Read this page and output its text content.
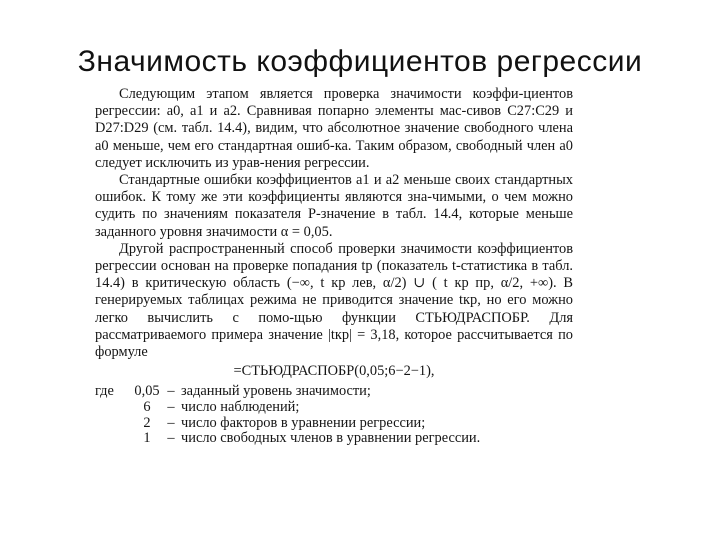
Значимость коэффициентов регрессии

Следующим этапом является проверка значимости коэффи-циентов регрессии: a0, a1 и a2. Сравнивая попарно элементы мас-сивов C27:C29 и D27:D29 (см. табл. 14.4), видим, что абсолютное значение свободного члена a0 меньше, чем его стандартная ошиб-ка. Таким образом, свободный член a0 следует исключить из урав-нения регрессии.

Стандартные ошибки коэффициентов a1 и a2 меньше своих стандартных ошибок. К тому же эти коэффициенты являются зна-чимыми, о чем можно судить по значениям показателя P-значение в табл. 14.4, которые меньше заданного уровня значимости α = 0,05.

Другой распространенный способ проверки значимости коэффициентов регрессии основан на проверке попадания tp (показатель t-статистика в табл. 14.4) в критическую область (−∞, t кр лев, α/2) ∪ ( t кр пр, α/2, +∞). В генерируемых таблицах режима не приводится значение tкр, но его можно легко вычислить с помо-щью функции СТЬЮДРАСПОБР. Для рассматриваемого примера значение |tкр| = 3,18, которое рассчитывается по формуле

=СТЬЮДРАСПОБР(0,05;6−2−1),
где	0,05	–	заданный уровень значимости;
	6	–	число наблюдений;
	2	–	число факторов в уравнении регрессии;
	1	–	число свободных членов в уравнении регрессии.
